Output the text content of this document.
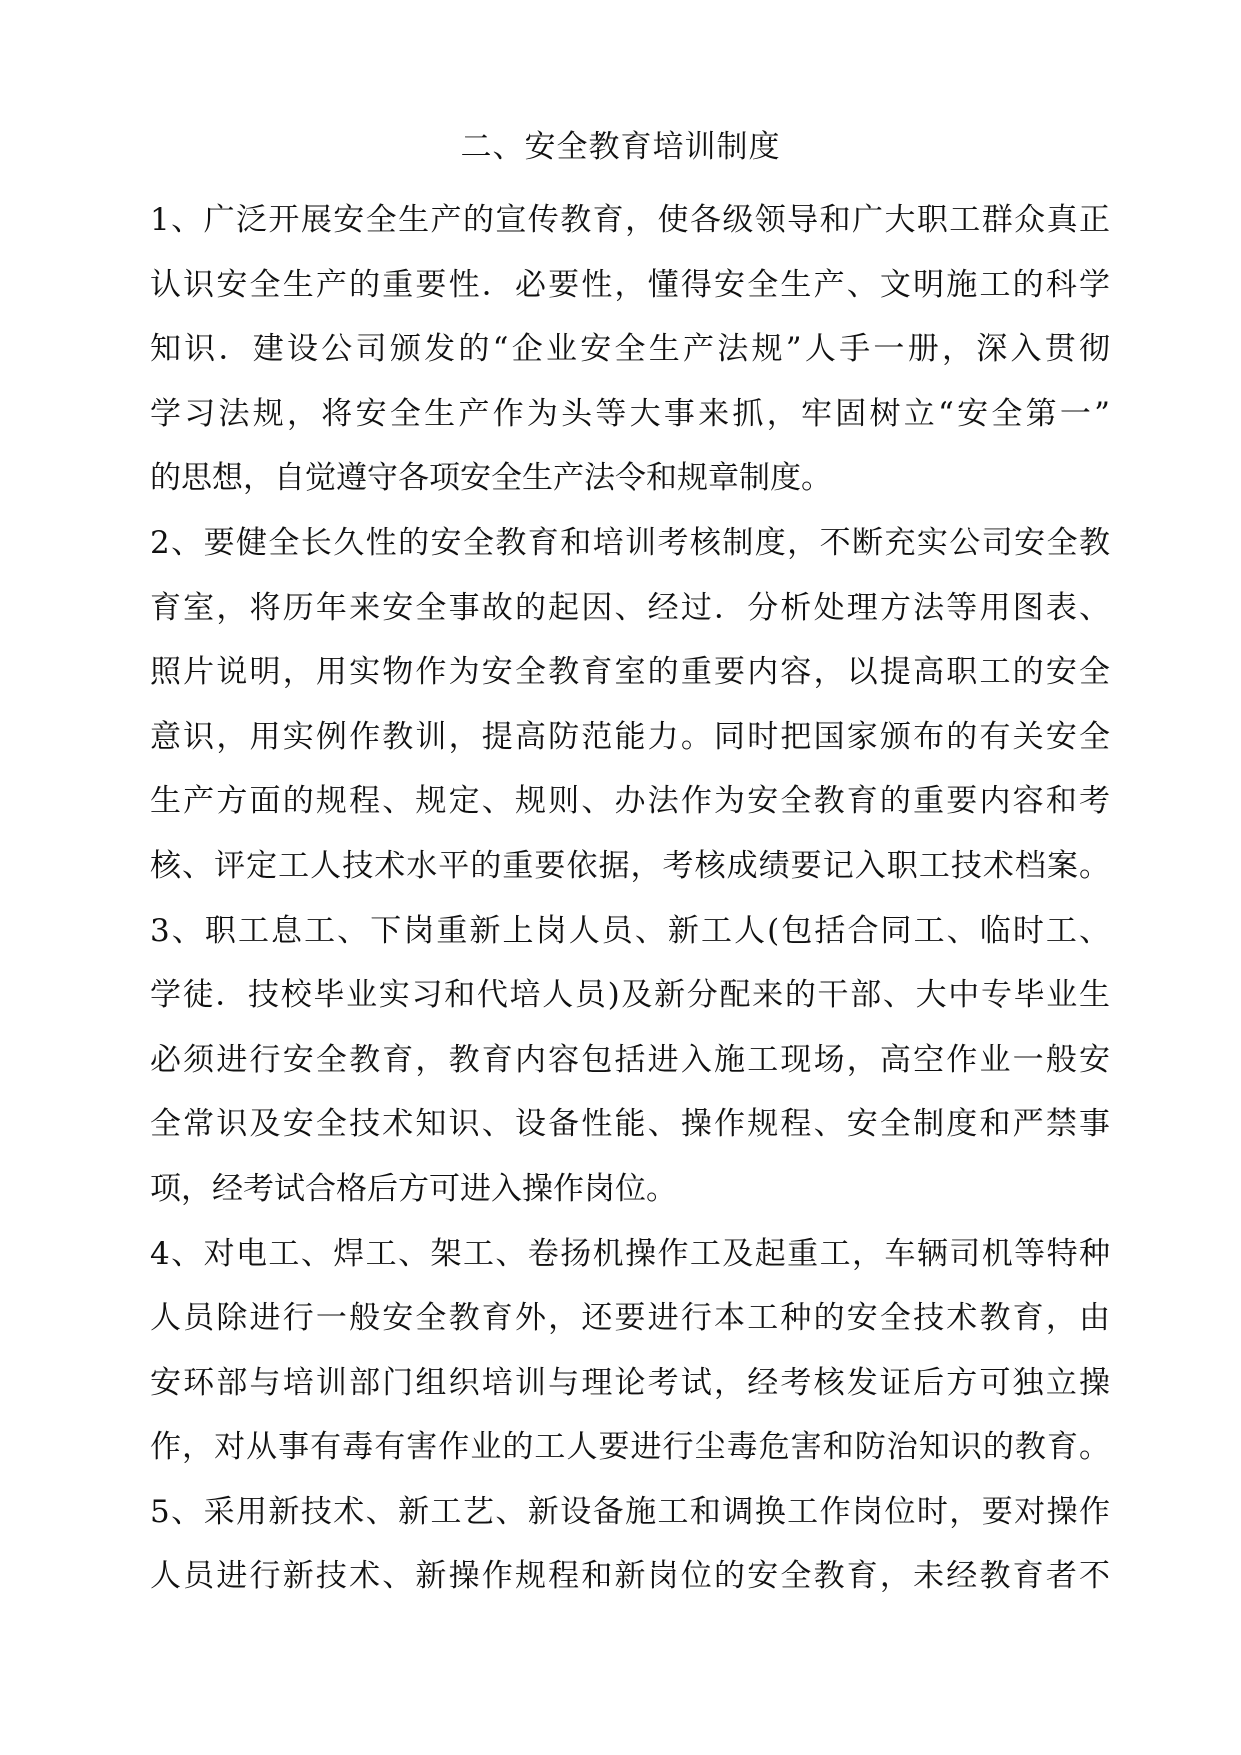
二、安全教育培训制度
1、广泛开展安全生产的宣传教育，使各级领导和广大职工群众真正
认识安全生产的重要性．必要性，懂得安全生产、文明施工的科学
知识．建设公司颁发的“企业安全生产法规”人手一册，深入贯彻
学习法规，将安全生产作为头等大事来抓，牢固树立“安全第一”
的思想，自觉遵守各项安全生产法令和规章制度。
2、要健全长久性的安全教育和培训考核制度，不断充实公司安全教
育室，将历年来安全事故的起因、经过．分析处理方法等用图表、
照片说明，用实物作为安全教育室的重要内容，以提高职工的安全
意识，用实例作教训，提高防范能力。同时把国家颁布的有关安全
生产方面的规程、规定、规则、办法作为安全教育的重要内容和考
核、评定工人技术水平的重要依据，考核成绩要记入职工技术档案。
3、职工息工、下岗重新上岗人员、新工人(包括合同工、临时工、
学徒．技校毕业实习和代培人员)及新分配来的干部、大中专毕业生
必须进行安全教育，教育内容包括进入施工现场，高空作业一般安
全常识及安全技术知识、设备性能、操作规程、安全制度和严禁事
项，经考试合格后方可进入操作岗位。
4、对电工、焊工、架工、卷扬机操作工及起重工，车辆司机等特种
人员除进行一般安全教育外，还要进行本工种的安全技术教育，由
安环部与培训部门组织培训与理论考试，经考核发证后方可独立操
作，对从事有毒有害作业的工人要进行尘毒危害和防治知识的教育。
5、采用新技术、新工艺、新设备施工和调换工作岗位时，要对操作
人员进行新技术、新操作规程和新岗位的安全教育，未经教育者不
